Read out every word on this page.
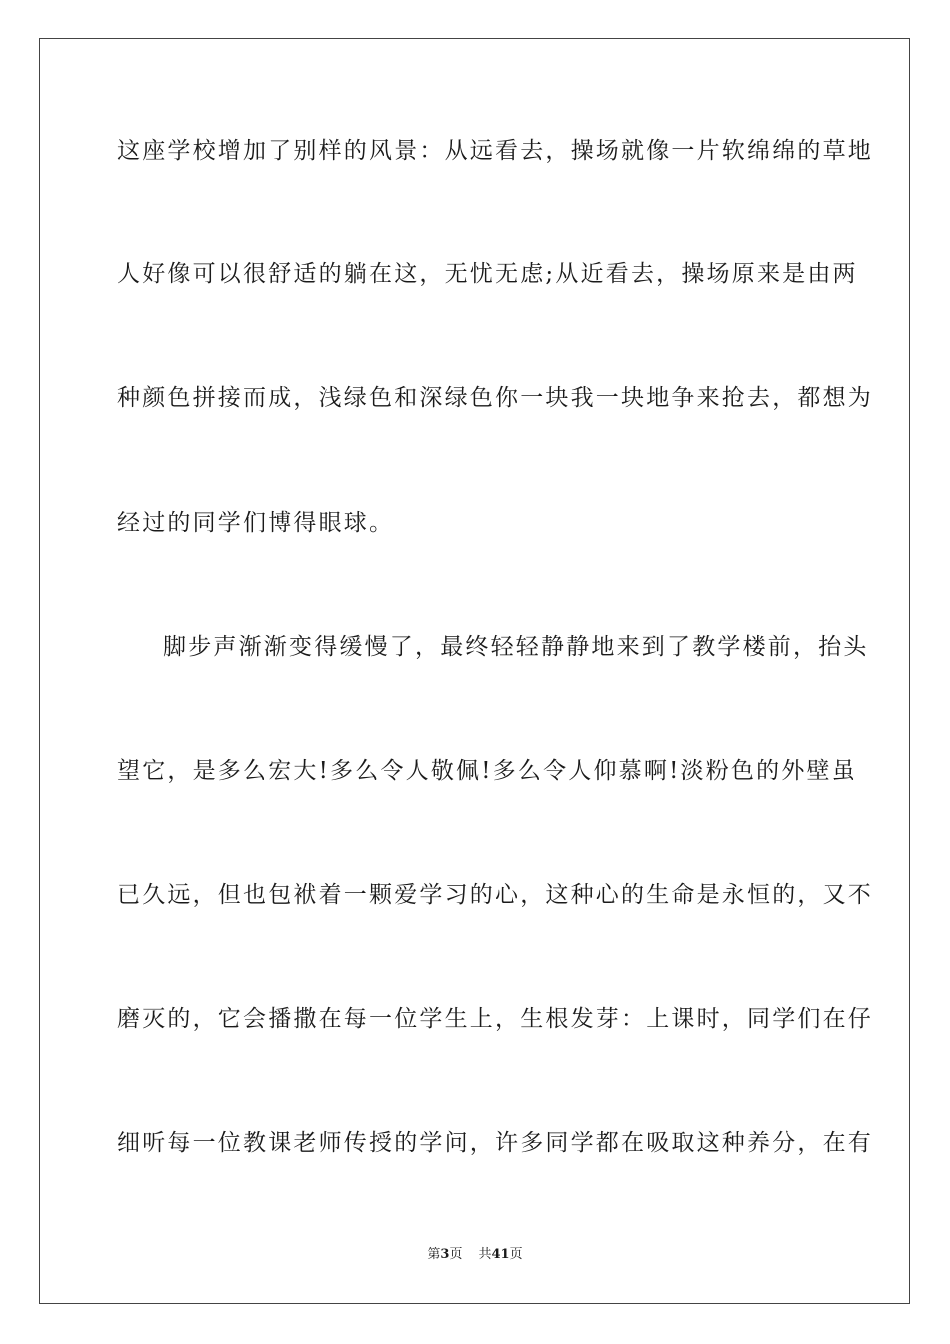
这座学校增加了别样的风景：从远看去，操场就像一片软绵绵的草地
人好像可以很舒适的躺在这，无忧无虑;从近看去，操场原来是由两
种颜色拼接而成，浅绿色和深绿色你一块我一块地争来抢去，都想为
经过的同学们博得眼球。
脚步声渐渐变得缓慢了，最终轻轻静静地来到了教学楼前，抬头
望它，是多么宏大!多么令人敬佩!多么令人仰慕啊!淡粉色的外壁虽
已久远，但也包袱着一颗爱学习的心，这种心的生命是永恒的，又不
磨灭的，它会播撒在每一位学生上，生根发芽：上课时，同学们在仔
细听每一位教课老师传授的学问，许多同学都在吸取这种养分，在有
第3页 共41页
